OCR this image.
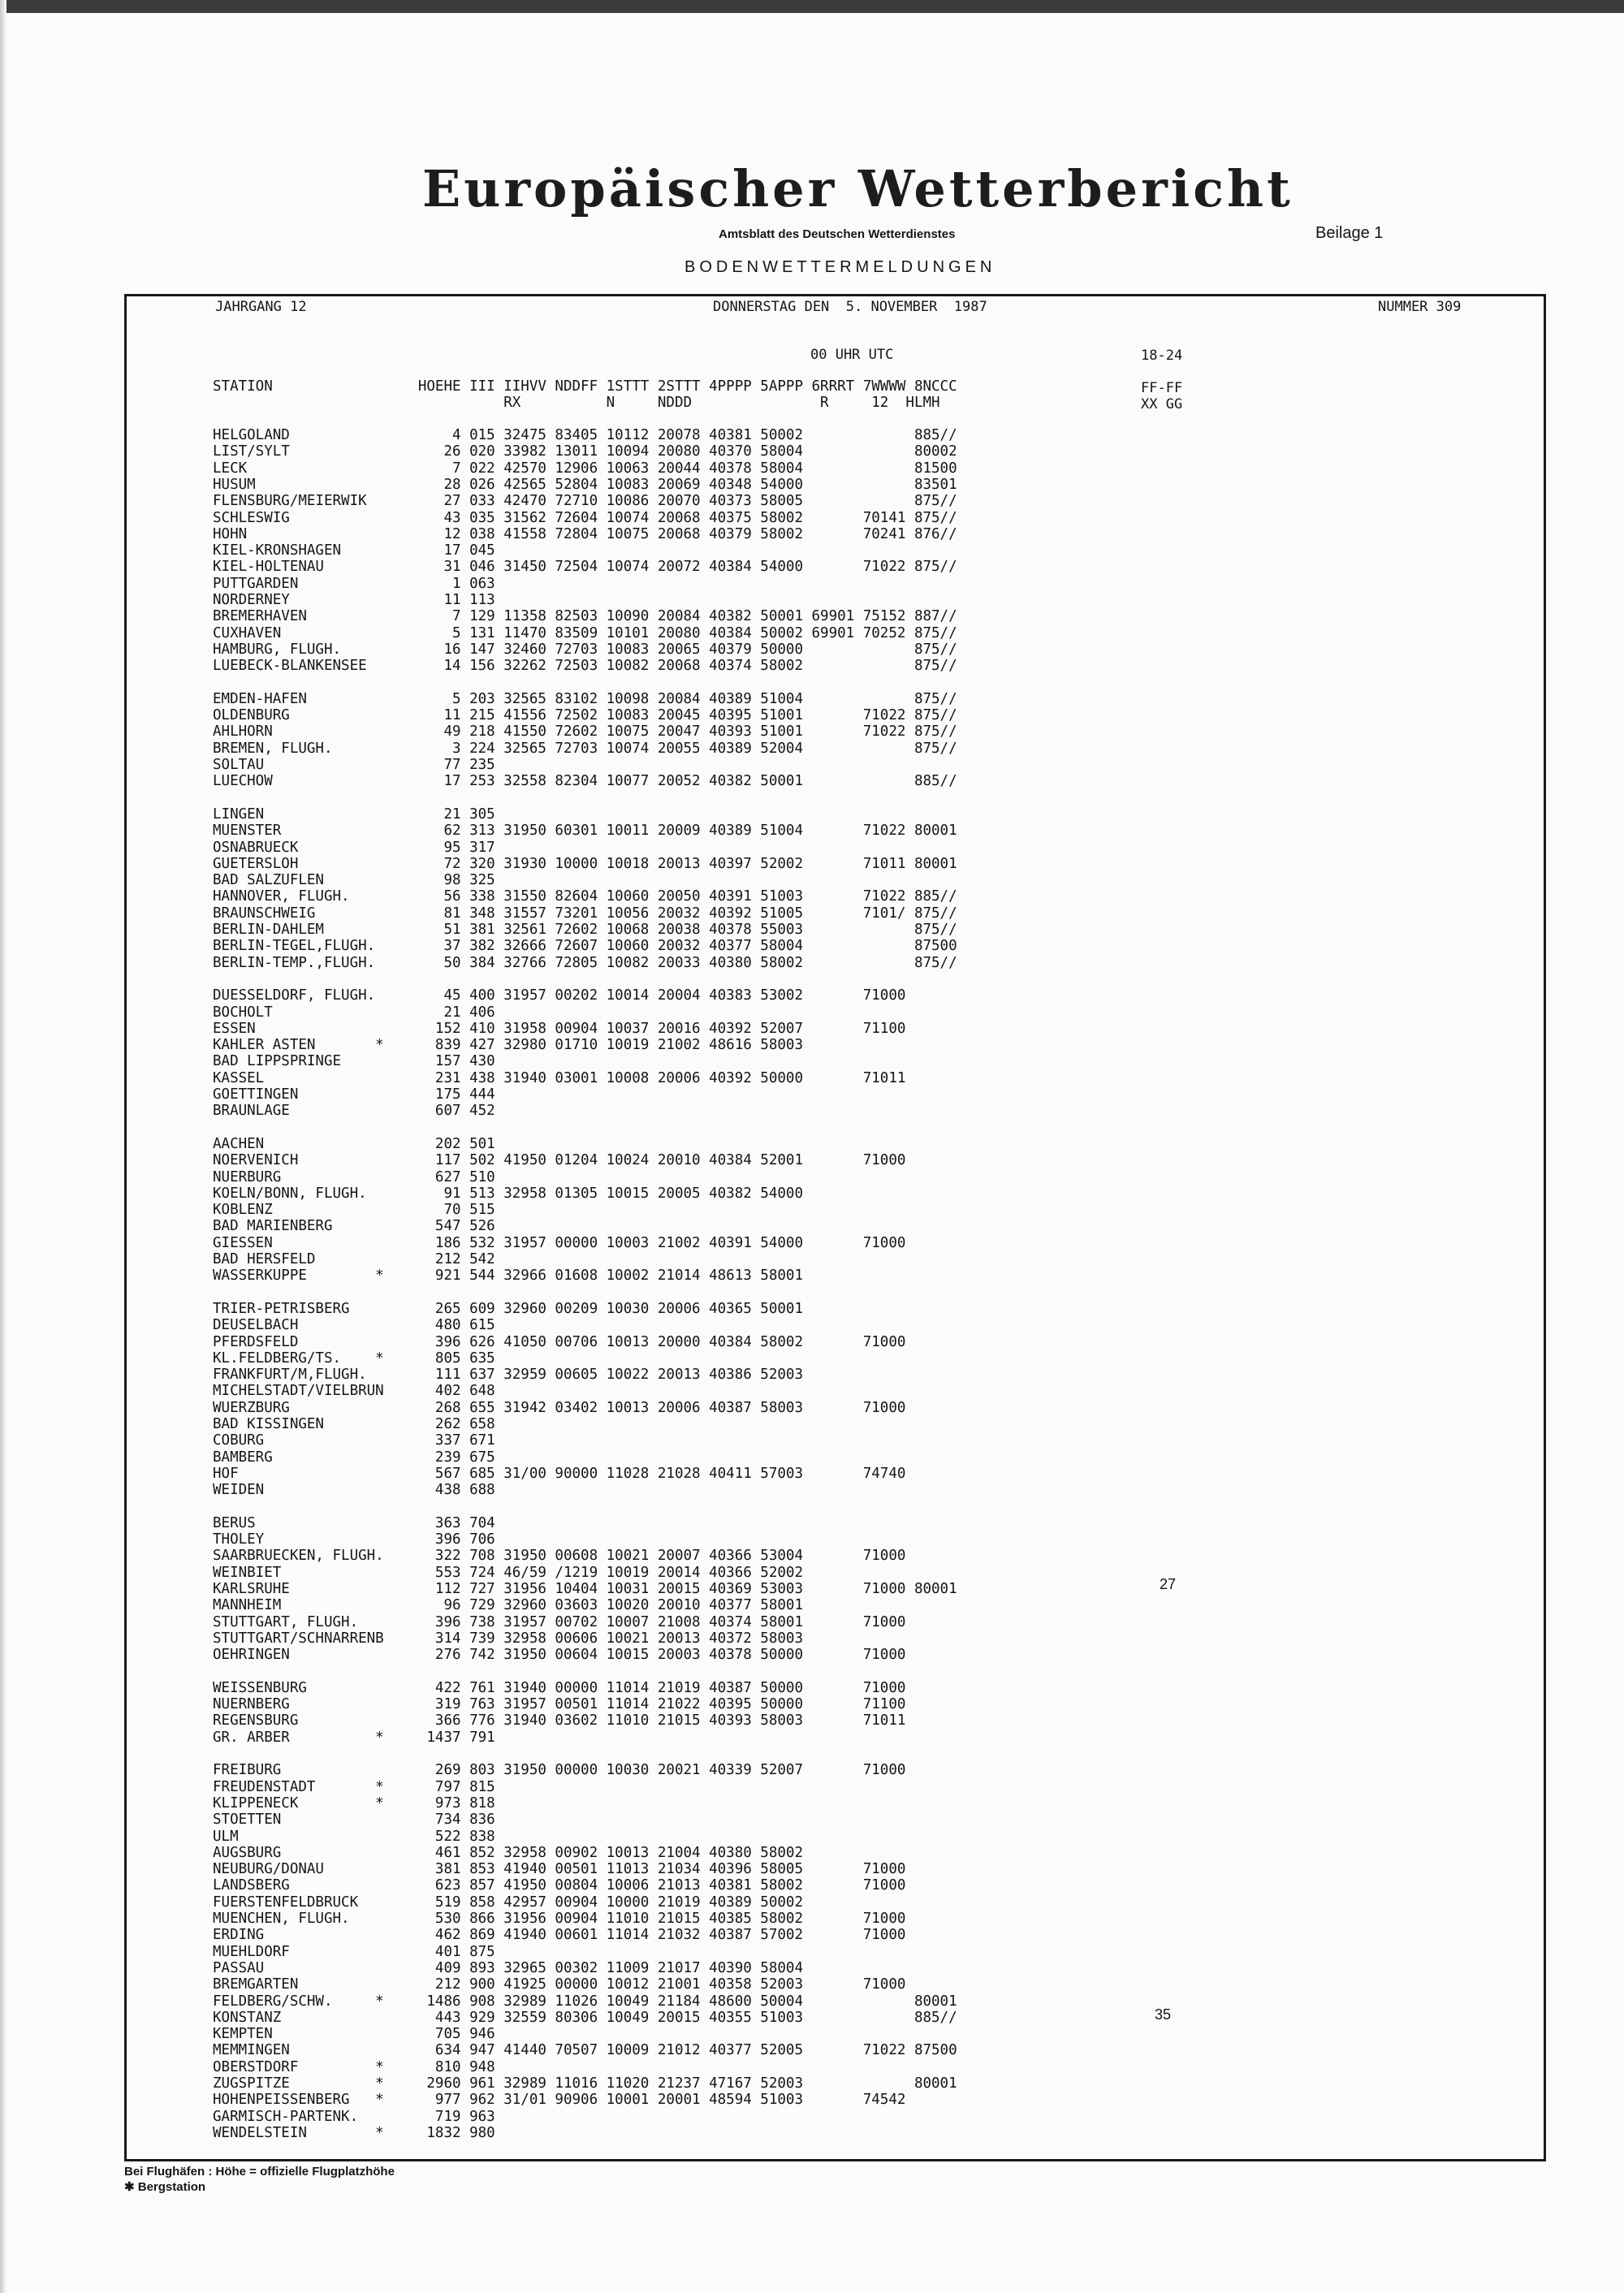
Europäischer Wetterbericht
Amtsblatt des Deutschen Wetterdienstes	Beilage 1
BODENWETTERMELDUNGEN
JAHRGANG 12	DONNERSTAG DEN  5. NOVEMBER  1987	NUMMER 309
00 UHR UTC	18-24
FF-FF
XX GG
STATION                 HOEHE III IIHVV NDDFF 1STTT 2STTT 4PPPP 5APPP 6RRRT 7WWWW 8NCCC
RX          N     NDDD               R     12  HLMH
HELGOLAND                   4 015 32475 83405 10112 20078 40381 50002             885//
LIST/SYLT                  26 020 33982 13011 10094 20080 40370 58004             80002
LECK                        7 022 42570 12906 10063 20044 40378 58004             81500
HUSUM                      28 026 42565 52804 10083 20069 40348 54000             83501
FLENSBURG/MEIERWIK         27 033 42470 72710 10086 20070 40373 58005             875//
SCHLESWIG                  43 035 31562 72604 10074 20068 40375 58002       70141 875//
HOHN                       12 038 41558 72804 10075 20068 40379 58002       70241 876//
KIEL-KRONSHAGEN            17 045
KIEL-HOLTENAU              31 046 31450 72504 10074 20072 40384 54000       71022 875//
PUTTGARDEN                  1 063
NORDERNEY                  11 113
BREMERHAVEN                 7 129 11358 82503 10090 20084 40382 50001 69901 75152 887//
CUXHAVEN                    5 131 11470 83509 10101 20080 40384 50002 69901 70252 875//
HAMBURG, FLUGH.            16 147 32460 72703 10083 20065 40379 50000             875//
LUEBECK-BLANKENSEE         14 156 32262 72503 10082 20068 40374 58002             875//
EMDEN-HAFEN                 5 203 32565 83102 10098 20084 40389 51004             875//
OLDENBURG                  11 215 41556 72502 10083 20045 40395 51001       71022 875//
AHLHORN                    49 218 41550 72602 10075 20047 40393 51001       71022 875//
BREMEN, FLUGH.              3 224 32565 72703 10074 20055 40389 52004             875//
SOLTAU                     77 235
LUECHOW                    17 253 32558 82304 10077 20052 40382 50001             885//
LINGEN                     21 305
MUENSTER                   62 313 31950 60301 10011 20009 40389 51004       71022 80001
OSNABRUECK                 95 317
GUETERSLOH                 72 320 31930 10000 10018 20013 40397 52002       71011 80001
BAD SALZUFLEN              98 325
HANNOVER, FLUGH.           56 338 31550 82604 10060 20050 40391 51003       71022 885//
BRAUNSCHWEIG               81 348 31557 73201 10056 20032 40392 51005       7101/ 875//
BERLIN-DAHLEM              51 381 32561 72602 10068 20038 40378 55003             875//
BERLIN-TEGEL,FLUGH.        37 382 32666 72607 10060 20032 40377 58004             87500
BERLIN-TEMP.,FLUGH.        50 384 32766 72805 10082 20033 40380 58002             875//
DUESSELDORF, FLUGH.        45 400 31957 00202 10014 20004 40383 53002       71000
BOCHOLT                    21 406
ESSEN                     152 410 31958 00904 10037 20016 40392 52007       71100
KAHLER ASTEN       *      839 427 32980 01710 10019 21002 48616 58003
BAD LIPPSPRINGE           157 430
KASSEL                    231 438 31940 03001 10008 20006 40392 50000       71011
GOETTINGEN                175 444
BRAUNLAGE                 607 452
AACHEN                    202 501
NOERVENICH                117 502 41950 01204 10024 20010 40384 52001       71000
NUERBURG                  627 510
KOELN/BONN, FLUGH.         91 513 32958 01305 10015 20005 40382 54000
KOBLENZ                    70 515
BAD MARIENBERG            547 526
GIESSEN                   186 532 31957 00000 10003 21002 40391 54000       71000
BAD HERSFELD              212 542
WASSERKUPPE        *      921 544 32966 01608 10002 21014 48613 58001
TRIER-PETRISBERG          265 609 32960 00209 10030 20006 40365 50001
DEUSELBACH                480 615
PFERDSFELD                396 626 41050 00706 10013 20000 40384 58002       71000
KL.FELDBERG/TS.    *      805 635
FRANKFURT/M,FLUGH.        111 637 32959 00605 10022 20013 40386 52003
MICHELSTADT/VIELBRUN      402 648
WUERZBURG                 268 655 31942 03402 10013 20006 40387 58003       71000
BAD KISSINGEN             262 658
COBURG                    337 671
BAMBERG                   239 675
HOF                       567 685 31/00 90000 11028 21028 40411 57003       74740
WEIDEN                    438 688
BERUS                     363 704
THOLEY                    396 706
SAARBRUECKEN, FLUGH.      322 708 31950 00608 10021 20007 40366 53004       71000
WEINBIET                  553 724 46/59 /1219 10019 20014 40366 52002
KARLSRUHE                 112 727 31956 10404 10031 20015 40369 53003       71000 80001
MANNHEIM                   96 729 32960 03603 10020 20010 40377 58001
STUTTGART, FLUGH.         396 738 31957 00702 10007 21008 40374 58001       71000
STUTTGART/SCHNARRENB      314 739 32958 00606 10021 20013 40372 58003
OEHRINGEN                 276 742 31950 00604 10015 20003 40378 50000       71000
WEISSENBURG               422 761 31940 00000 11014 21019 40387 50000       71000
NUERNBERG                 319 763 31957 00501 11014 21022 40395 50000       71100
REGENSBURG                366 776 31940 03602 11010 21015 40393 58003       71011
GR. ARBER          *     1437 791
FREIBURG                  269 803 31950 00000 10030 20021 40339 52007       71000
FREUDENSTADT       *      797 815
KLIPPENECK         *      973 818
STOETTEN                  734 836
ULM                       522 838
AUGSBURG                  461 852 32958 00902 10013 21004 40380 58002
NEUBURG/DONAU             381 853 41940 00501 11013 21034 40396 58005       71000
LANDSBERG                 623 857 41950 00804 10006 21013 40381 58002       71000
FUERSTENFELDBRUCK         519 858 42957 00904 10000 21019 40389 50002
MUENCHEN, FLUGH.          530 866 31956 00904 11010 21015 40385 58002       71000
ERDING                    462 869 41940 00601 11014 21032 40387 57002       71000
MUEHLDORF                 401 875
PASSAU                    409 893 32965 00302 11009 21017 40390 58004
BREMGARTEN                212 900 41925 00000 10012 21001 40358 52003       71000
FELDBERG/SCHW.     *     1486 908 32989 11026 10049 21184 48600 50004             80001
KONSTANZ                  443 929 32559 80306 10049 20015 40355 51003             885//
KEMPTEN                   705 946
MEMMINGEN                 634 947 41440 70507 10009 21012 40377 52005       71022 87500
OBERSTDORF         *      810 948
ZUGSPITZE          *     2960 961 32989 11016 11020 21237 47167 52003             80001
HOHENPEISSENBERG   *      977 962 31/01 90906 10001 20001 48594 51003       74542
GARMISCH-PARTENK.         719 963
WENDELSTEIN        *     1832 980
27
35
Bei Flughäfen : Höhe = offizielle Flugplatzhöhe
✱ Bergstation
